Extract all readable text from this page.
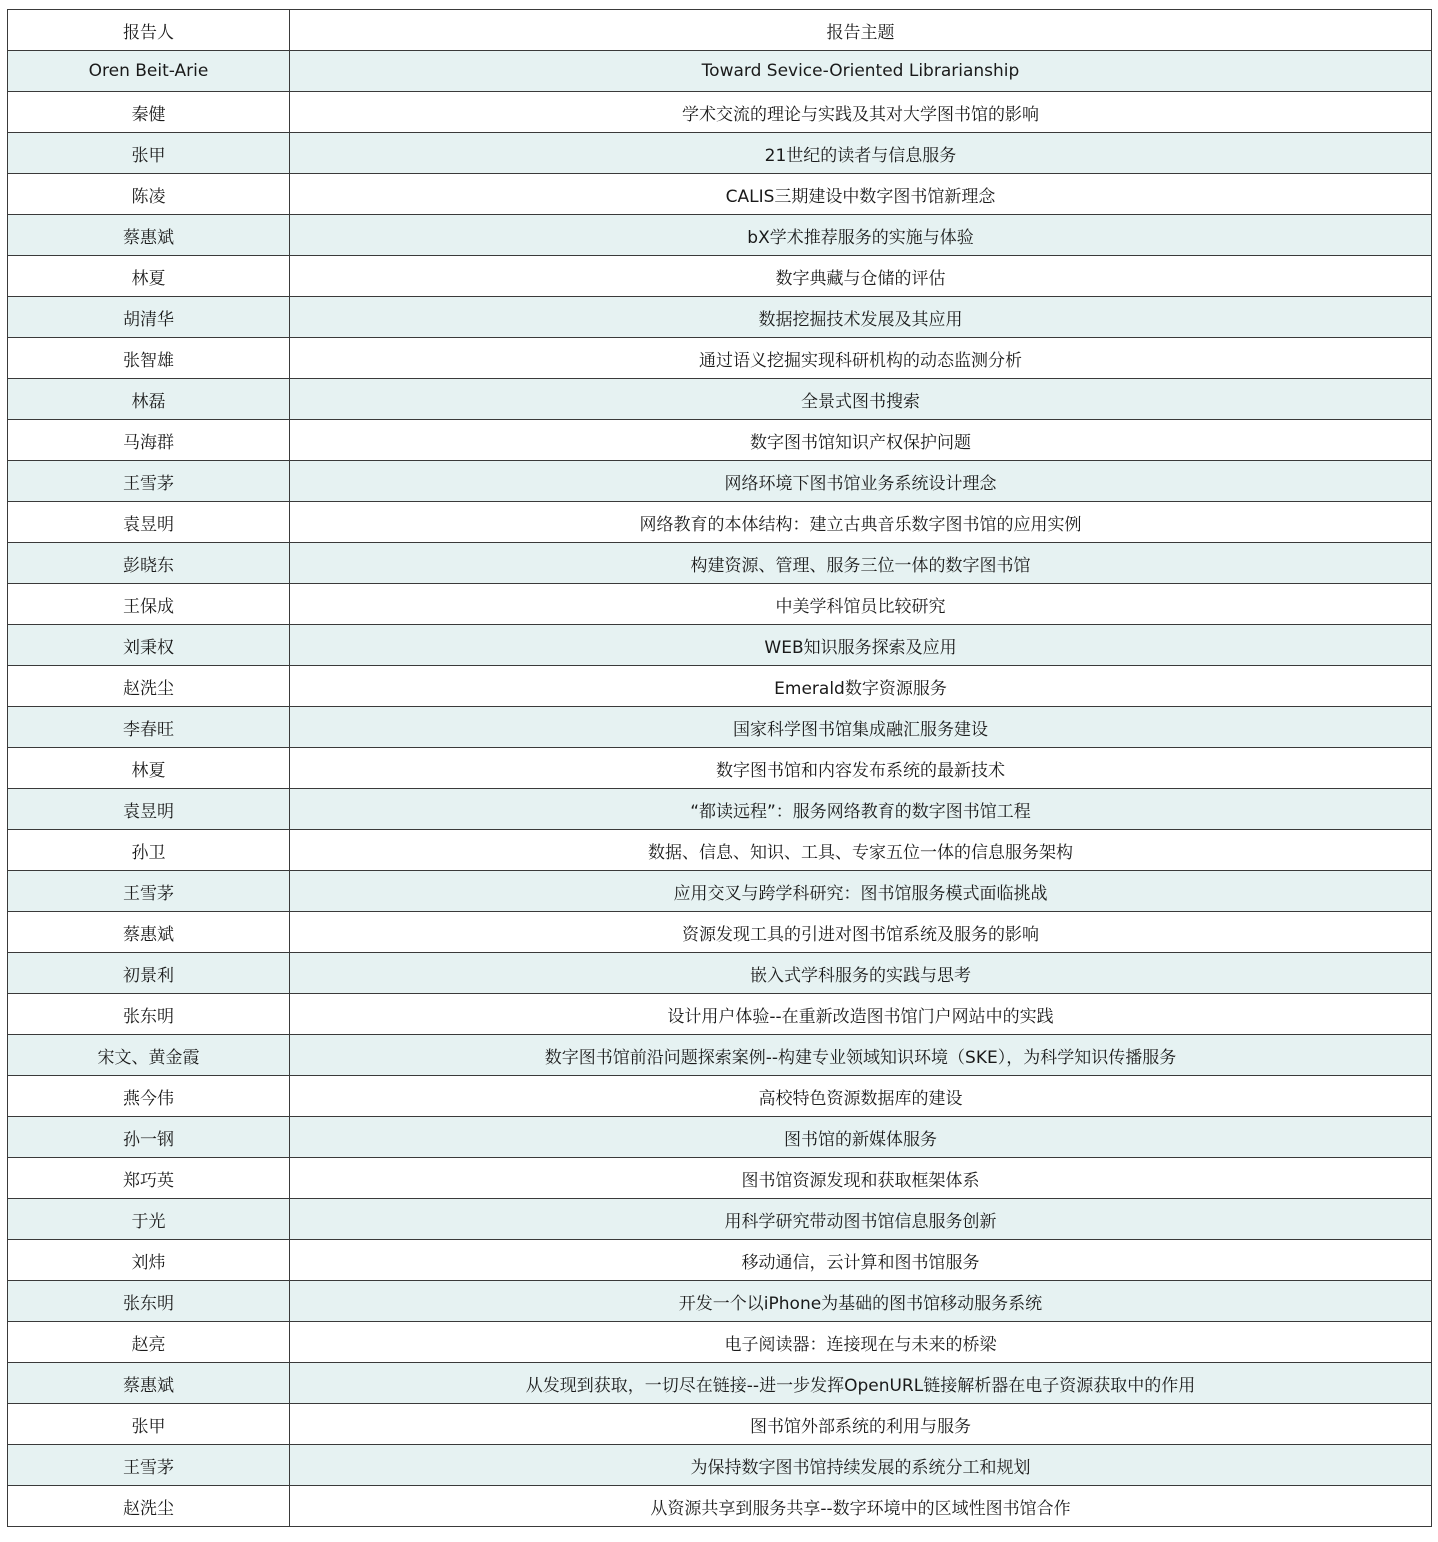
报告人	报告主题
Oren Beit-Arie	Toward Sevice-Oriented Librarianship
秦健	学术交流的理论与实践及其对大学图书馆的影响
张甲	21世纪的读者与信息服务
陈凌	CALIS三期建设中数字图书馆新理念
蔡惠斌	bX学术推荐服务的实施与体验
林夏	数字典藏与仓储的评估
胡清华	数据挖掘技术发展及其应用
张智雄	通过语义挖掘实现科研机构的动态监测分析
林磊	全景式图书搜索
马海群	数字图书馆知识产权保护问题
王雪茅	网络环境下图书馆业务系统设计理念
袁昱明	网络教育的本体结构：建立古典音乐数字图书馆的应用实例
彭晓东	构建资源、管理、服务三位一体的数字图书馆
王保成	中美学科馆员比较研究
刘秉权	WEB知识服务探索及应用
赵洗尘	Emerald数字资源服务
李春旺	国家科学图书馆集成融汇服务建设
林夏	数字图书馆和内容发布系统的最新技术
袁昱明	“都读远程”：服务网络教育的数字图书馆工程
孙卫	数据、信息、知识、工具、专家五位一体的信息服务架构
王雪茅	应用交叉与跨学科研究：图书馆服务模式面临挑战
蔡惠斌	资源发现工具的引进对图书馆系统及服务的影响
初景利	嵌入式学科服务的实践与思考
张东明	设计用户体验--在重新改造图书馆门户网站中的实践
宋文、黄金霞	数字图书馆前沿问题探索案例--构建专业领域知识环境（SKE），为科学知识传播服务
燕今伟	高校特色资源数据库的建设
孙一钢	图书馆的新媒体服务
郑巧英	图书馆资源发现和获取框架体系
于光	用科学研究带动图书馆信息服务创新
刘炜	移动通信，云计算和图书馆服务
张东明	开发一个以iPhone为基础的图书馆移动服务系统
赵亮	电子阅读器：连接现在与未来的桥梁
蔡惠斌	从发现到获取，一切尽在链接--进一步发挥OpenURL链接解析器在电子资源获取中的作用
张甲	图书馆外部系统的利用与服务
王雪茅	为保持数字图书馆持续发展的系统分工和规划
赵洗尘	从资源共享到服务共享--数字环境中的区域性图书馆合作
